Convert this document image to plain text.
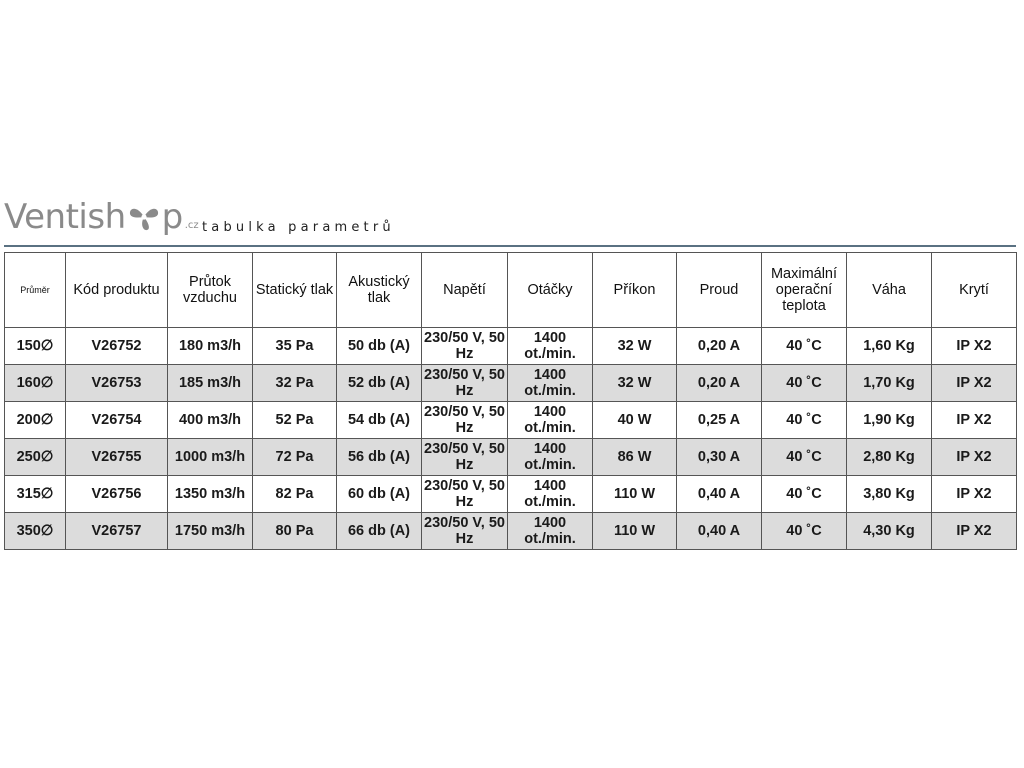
Ventish p .cz tabulka parametrů
Průměr	Kód produktu	Průtok vzduchu	Statický tlak	Akustický tlak	Napětí	Otáčky	Příkon	Proud	Maximální operační teplota	Váha	Krytí
150∅	V26752	180 m3/h	35 Pa	50 db (A)	230/50 V, 50 Hz	1400 ot./min.	32 W	0,20 A	40 ˚C	1,60 Kg	IP X2
160∅	V26753	185 m3/h	32 Pa	52 db (A)	230/50 V, 50 Hz	1400 ot./min.	32 W	0,20 A	40 ˚C	1,70 Kg	IP X2
200∅	V26754	400 m3/h	52 Pa	54 db (A)	230/50 V, 50 Hz	1400 ot./min.	40 W	0,25 A	40 ˚C	1,90 Kg	IP X2
250∅	V26755	1000 m3/h	72 Pa	56 db (A)	230/50 V, 50 Hz	1400 ot./min.	86 W	0,30 A	40 ˚C	2,80 Kg	IP X2
315∅	V26756	1350 m3/h	82 Pa	60 db (A)	230/50 V, 50 Hz	1400 ot./min.	110 W	0,40 A	40 ˚C	3,80 Kg	IP X2
350∅	V26757	1750 m3/h	80 Pa	66 db (A)	230/50 V, 50 Hz	1400 ot./min.	110 W	0,40 A	40 ˚C	4,30 Kg	IP X2
